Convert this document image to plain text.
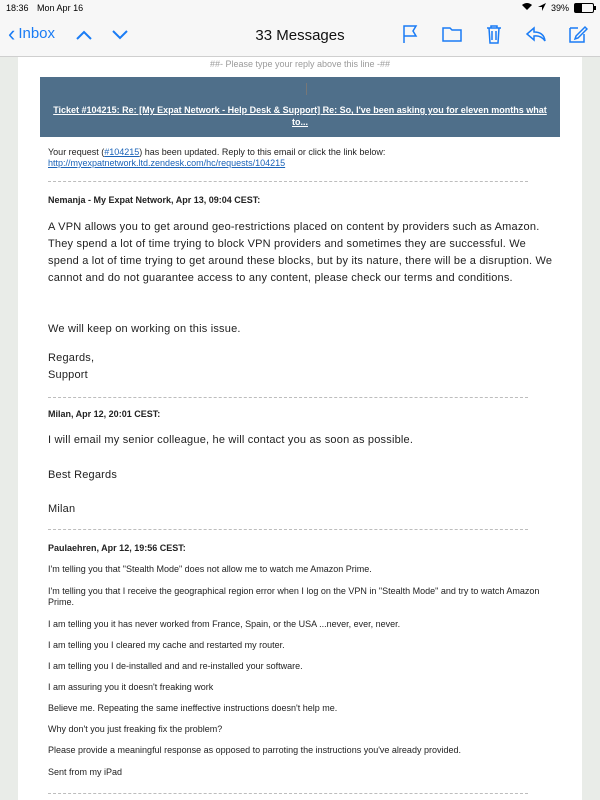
18:36 Mon Apr 16	39%
‹ Inbox	33 Messages
##- Please type your reply above this line -##
Ticket #104215: Re: [My Expat Network - Help Desk & Support] Re: So, I've been asking you for eleven months what to...
Your request (#104215) has been updated. Reply to this email or click the link below:
http://myexpatnetwork.ltd.zendesk.com/hc/requests/104215
Nemanja - My Expat Network, Apr 13, 09:04 CEST:
A VPN allows you to get around geo-restrictions placed on content by providers such as Amazon. They spend a lot of time trying to block VPN providers and sometimes they are successful. We spend a lot of time trying to get around these blocks, but by its nature, there will be a disruption. We cannot and do not guarantee access to any content, please check our terms and conditions.
We will keep on working on this issue.
Regards,
Support
Milan, Apr 12, 20:01 CEST:
I will email my senior colleague, he will contact you as soon as possible.
Best Regards
Milan
Paulaehren, Apr 12, 19:56 CEST:
I'm telling you that "Stealth Mode" does not allow me to watch me Amazon Prime.
I'm telling you that I receive the geographical region error when I log on the VPN in "Stealth Mode" and try to watch Amazon Prime.
I am telling you it has never worked from France, Spain, or the USA ...never, ever, never.
I am telling you I cleared my cache and restarted my router.
I am telling you I de-installed and and re-installed your software.
I am assuring you it doesn't freaking work
Believe me. Repeating the same ineffective instructions doesn't help me.
Why don't you just freaking fix the problem?
Please provide a meaningful response as opposed to parroting the instructions you've already provided.
Sent from my iPad
